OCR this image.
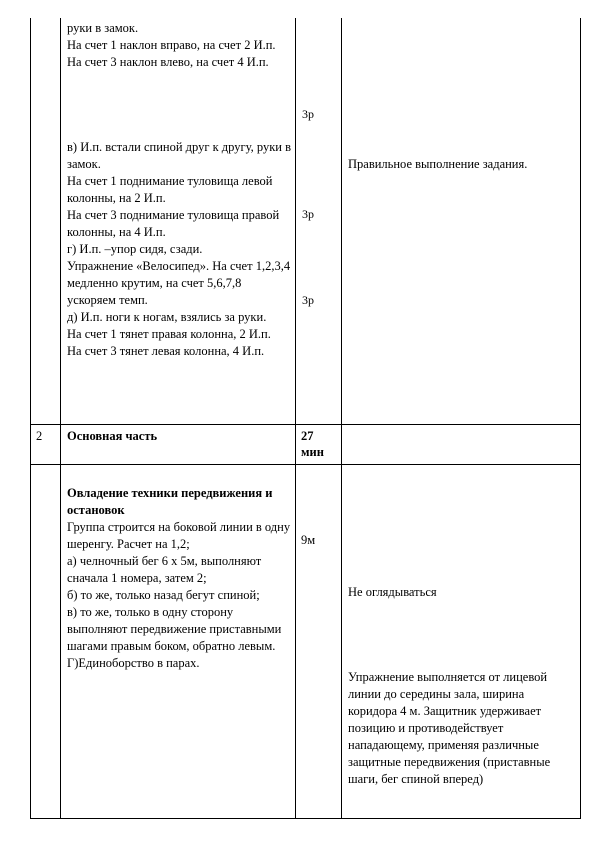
руки в замок.
На счет 1 наклон вправо, на счет 2 И.п. На счет 3 наклон влево, на счет 4 И.п.
в) И.п. встали спиной друг к другу, руки в замок.
На счет 1 поднимание туловища левой колонны, на 2 И.п.
На счет 3 поднимание туловища правой колонны, на 4 И.п.
г) И.п. –упор сидя, сзади.
Упражнение «Велосипед». На счет 1,2,3,4 медленно крутим, на счет 5,6,7,8 ускоряем темп.
д) И.п. ноги к ногам, взялись за руки.
На счет 1 тянет правая колонна, 2 И.п.
На счет 3 тянет левая колонна, 4 И.п.
3р
3р
3р
Правильное выполнение задания.
2 Основная часть	27
мин
Овладение техники передвижения и остановок
Группа строится на боковой линии в одну шеренгу. Расчет на 1,2;
а) челночный бег 6 х 5м, выполняют сначала 1 номера, затем 2;
б) то же, только назад бегут спиной;
в) то же, только в одну сторону выполняют передвижение приставными шагами правым боком, обратно левым.
Г)Единоборство в парах.
9м
Не оглядываться
Упражнение выполняется от лицевой линии до середины зала, ширина коридора 4 м. Защитник удерживает позицию и противодействует нападающему, применяя различные защитные передвижения (приставные шаги, бег спиной вперед)
